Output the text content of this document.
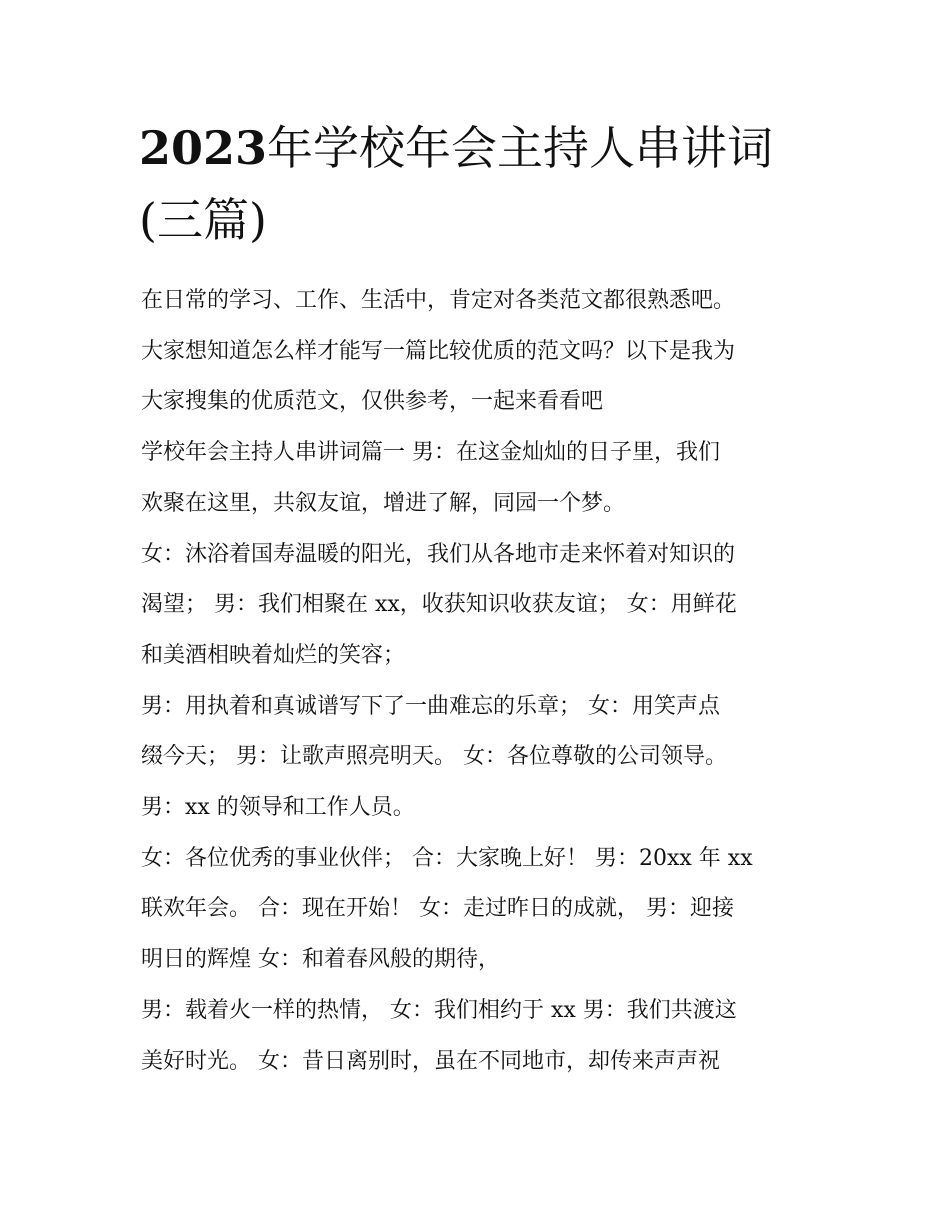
2023年学校年会主持人串讲词
(三篇)

在日常的学习、工作、生活中，肯定对各类范文都很熟悉吧。

大家想知道怎么样才能写一篇比较优质的范文吗？以下是我为

大家搜集的优质范文，仅供参考，一起来看看吧

学校年会主持人串讲词篇一 男：在这金灿灿的日子里，我们

欢聚在这里，共叙友谊，增进了解，同园一个梦。

女：沐浴着国寿温暖的阳光，我们从各地市走来怀着对知识的

渴望； 男：我们相聚在 xx，收获知识收获友谊； 女：用鲜花

和美酒相映着灿烂的笑容；

男：用执着和真诚谱写下了一曲难忘的乐章； 女：用笑声点

缀今天； 男：让歌声照亮明天。 女：各位尊敬的公司领导。

男：xx 的领导和工作人员。

女：各位优秀的事业伙伴； 合：大家晚上好！ 男：20xx 年 xx

联欢年会。 合：现在开始！ 女：走过昨日的成就， 男：迎接

明日的辉煌 女：和着春风般的期待，

男：载着火一样的热情， 女：我们相约于 xx 男：我们共渡这

美好时光。 女：昔日离别时，虽在不同地市，却传来声声祝
